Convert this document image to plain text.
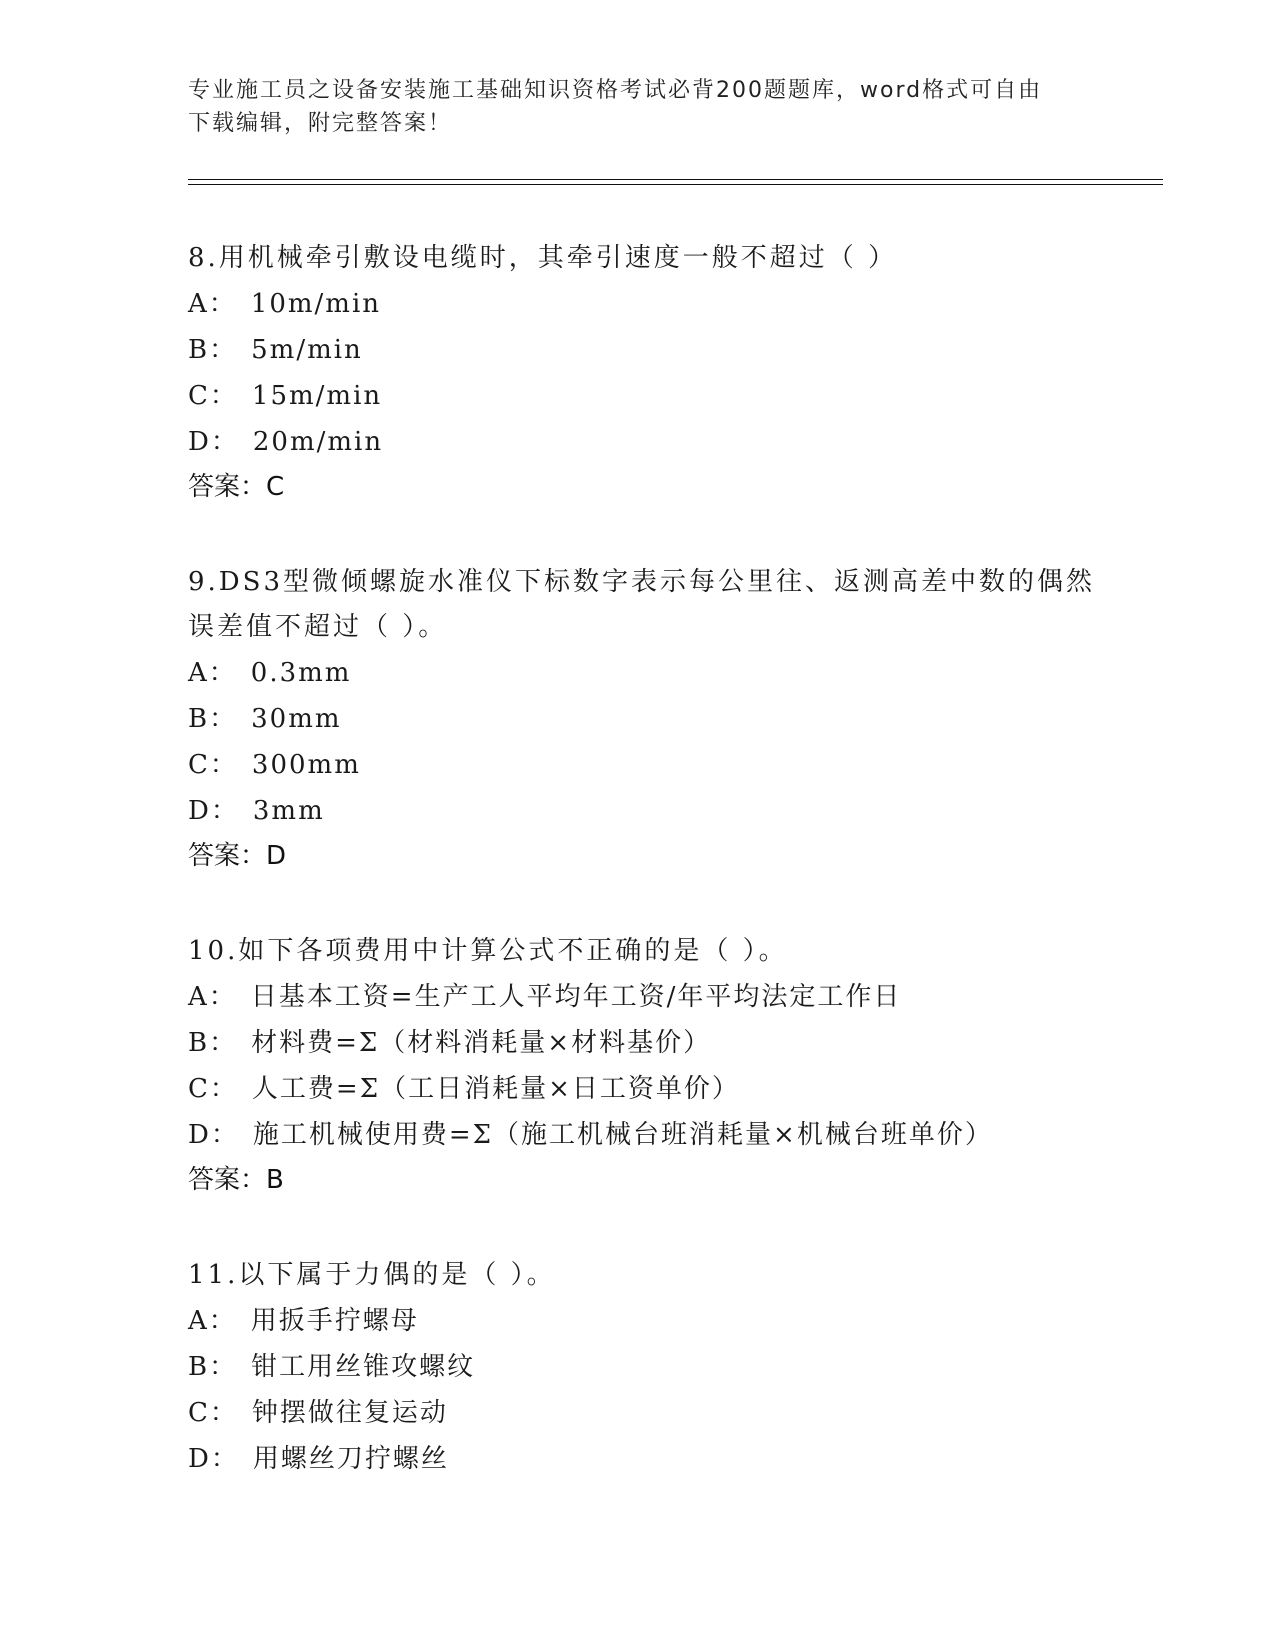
专业施工员之设备安装施工基础知识资格考试必背200题题库，word格式可自由
下载编辑，附完整答案！

8.用机械牵引敷设电缆时，其牵引速度一般不超过（ ）

A： 10m/min

B： 5m/min

C： 15m/min

D： 20m/min

答案：C

9.DS3型微倾螺旋水准仪下标数字表示每公里往、返测高差中数的偶然

误差值不超过（ ）。

A： 0.3mm

B： 30mm

C： 300mm

D： 3mm

答案：D

10.如下各项费用中计算公式不正确的是（ ）。

A： 日基本工资=生产工人平均年工资/年平均法定工作日

B： 材料费=Σ（材料消耗量×材料基价）

C： 人工费=Σ（工日消耗量×日工资单价）

D： 施工机械使用费=Σ（施工机械台班消耗量×机械台班单价）

答案：B

11.以下属于力偶的是（ ）。

A： 用扳手拧螺母

B： 钳工用丝锥攻螺纹

C： 钟摆做往复运动

D： 用螺丝刀拧螺丝
